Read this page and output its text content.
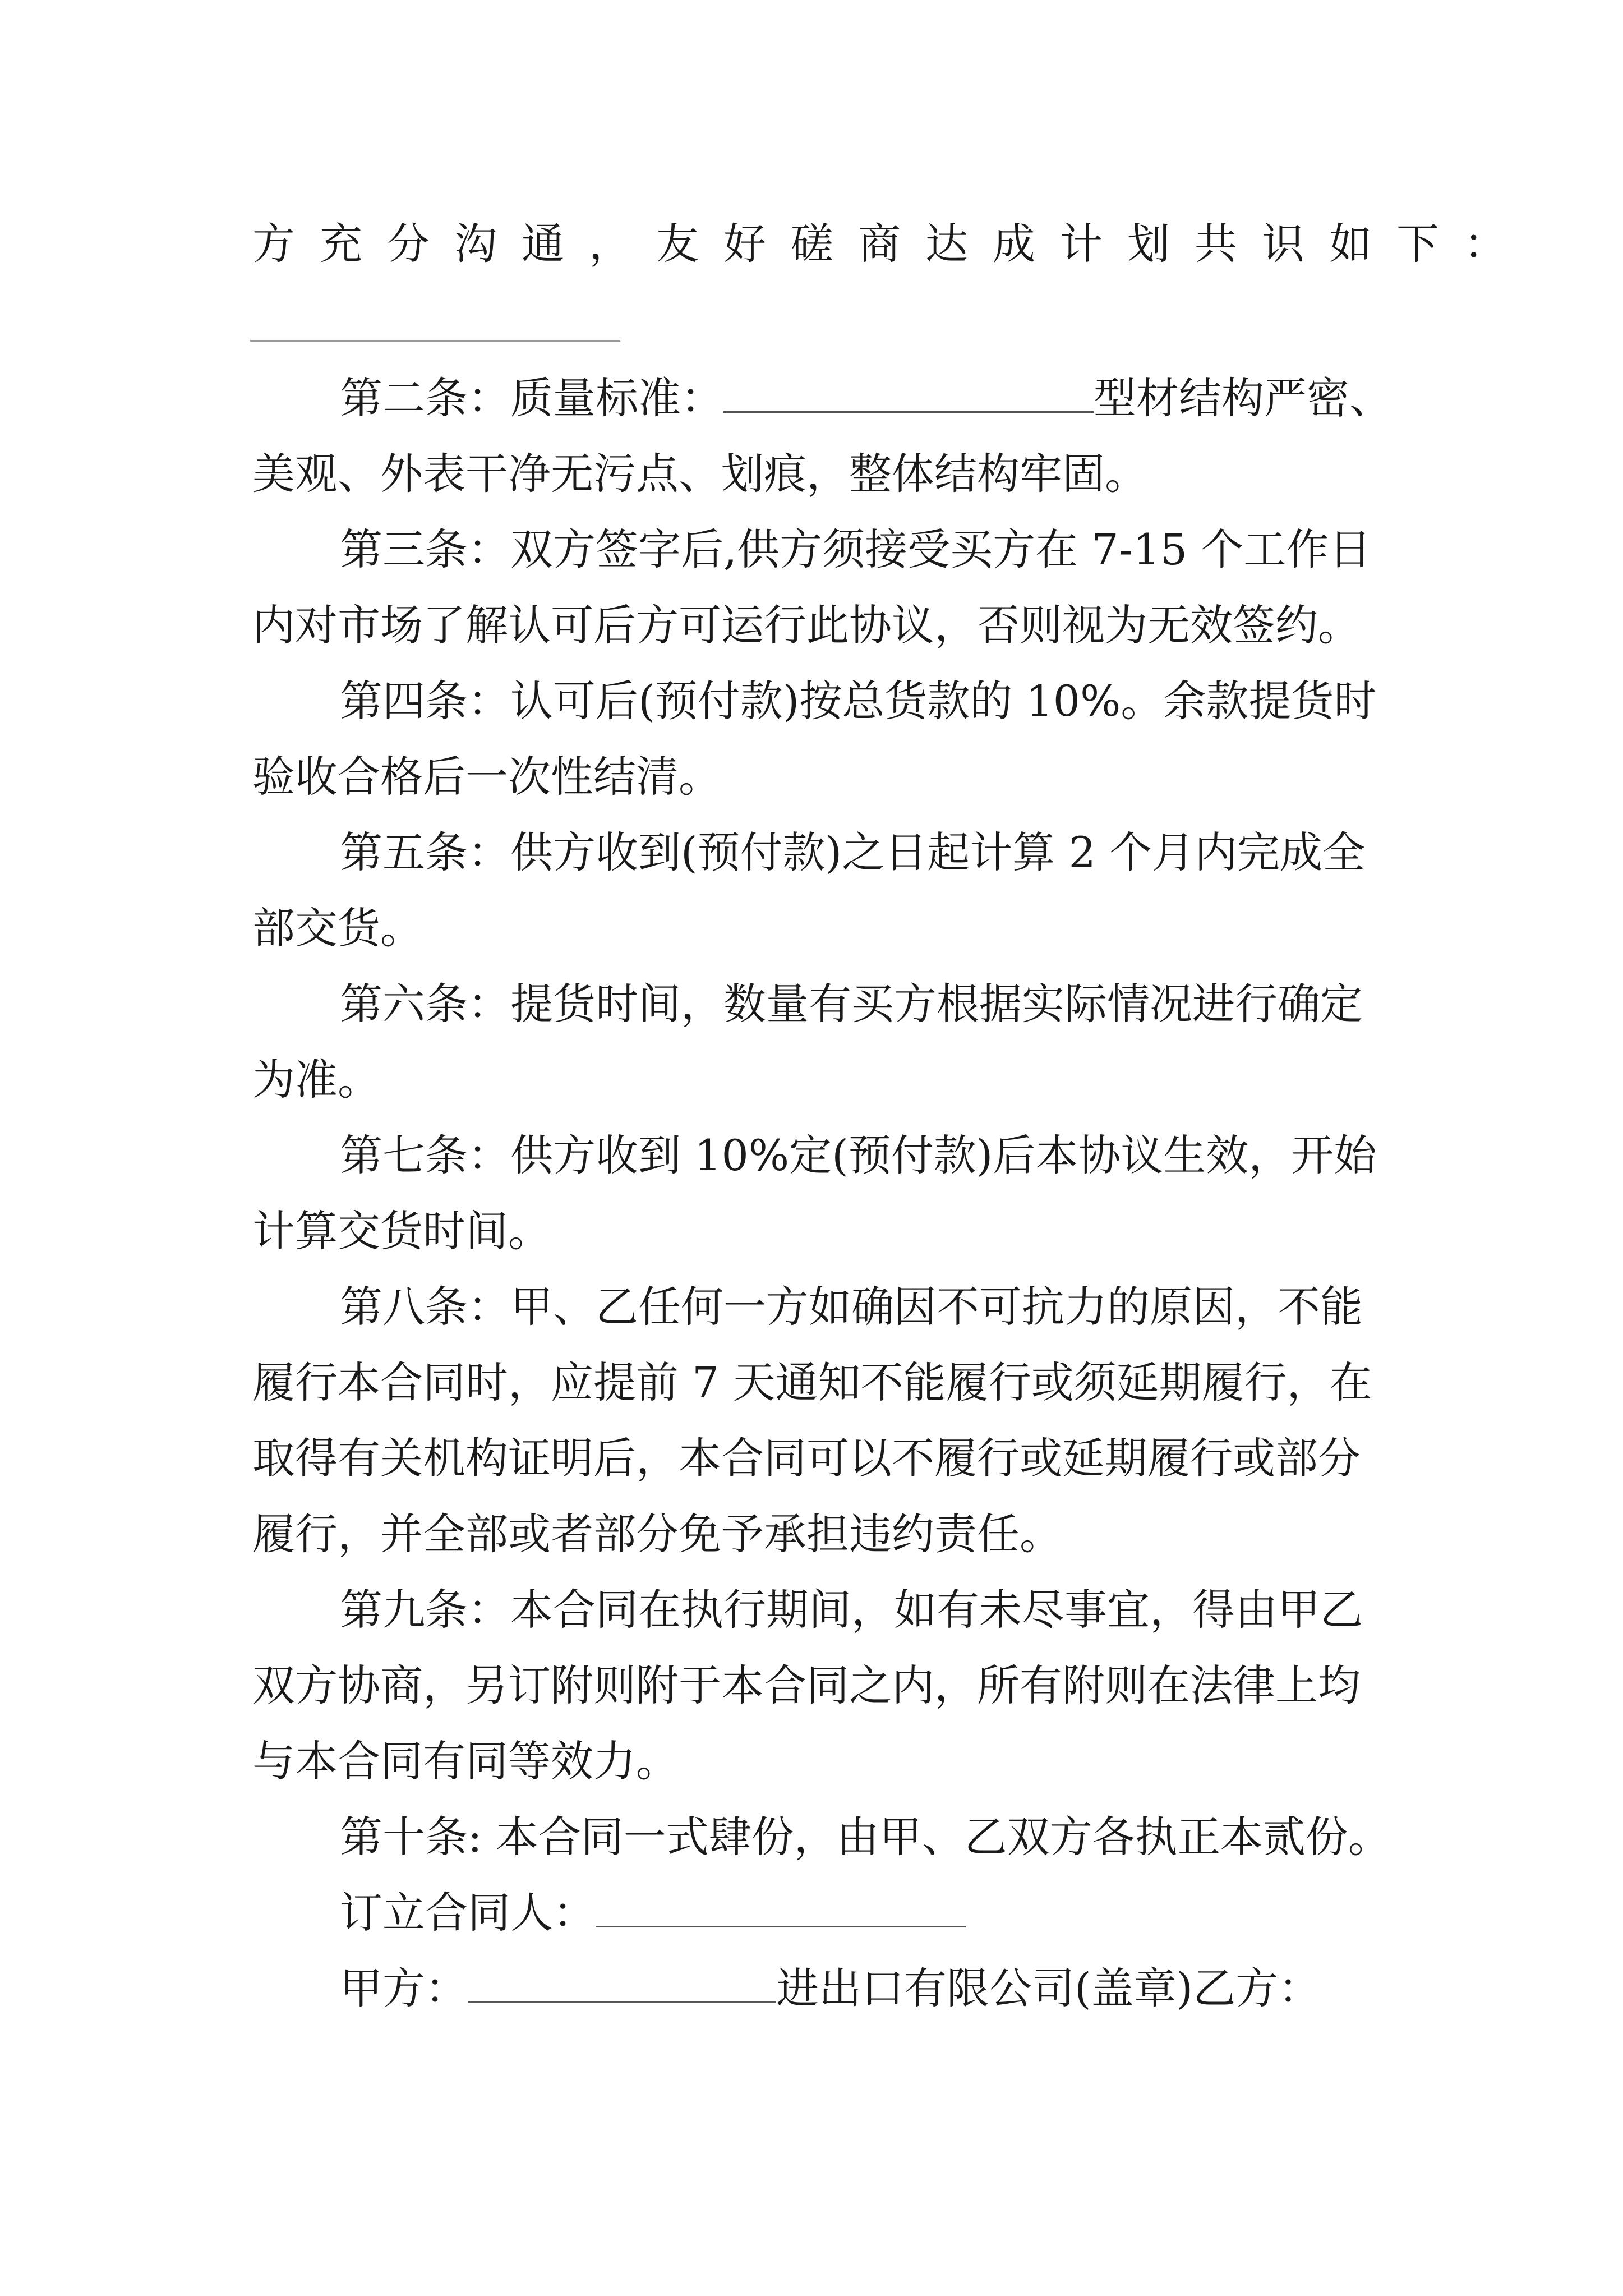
方充分沟通，友好磋商达成计划共识如下：
第二条：质量标准：	型材结构严密、
美观、外表干净无污点、划痕，整体结构牢固。
第三条：双方签字后,供方须接受买方在 7-15 个工作日
内对市场了解认可后方可运行此协议，否则视为无效签约。
第四条：认可后(预付款)按总货款的 10%。余款提货时
验收合格后一次性结清。
第五条：供方收到(预付款)之日起计算 2 个月内完成全
部交货。
第六条：提货时间，数量有买方根据实际情况进行确定
为准。
第七条：供方收到 10%定(预付款)后本协议生效，开始
计算交货时间。
第八条：甲、乙任何一方如确因不可抗力的原因，不能
履行本合同时，应提前 7 天通知不能履行或须延期履行，在
取得有关机构证明后，本合同可以不履行或延期履行或部分
履行，并全部或者部分免予承担违约责任。
第九条：本合同在执行期间，如有未尽事宜，得由甲乙
双方协商，另订附则附于本合同之内，所有附则在法律上均
与本合同有同等效力。
第十条: 本合同一式肆份，由甲、乙双方各执正本贰份。
订立合同人：
甲方：	进出口有限公司(盖章)乙方：
